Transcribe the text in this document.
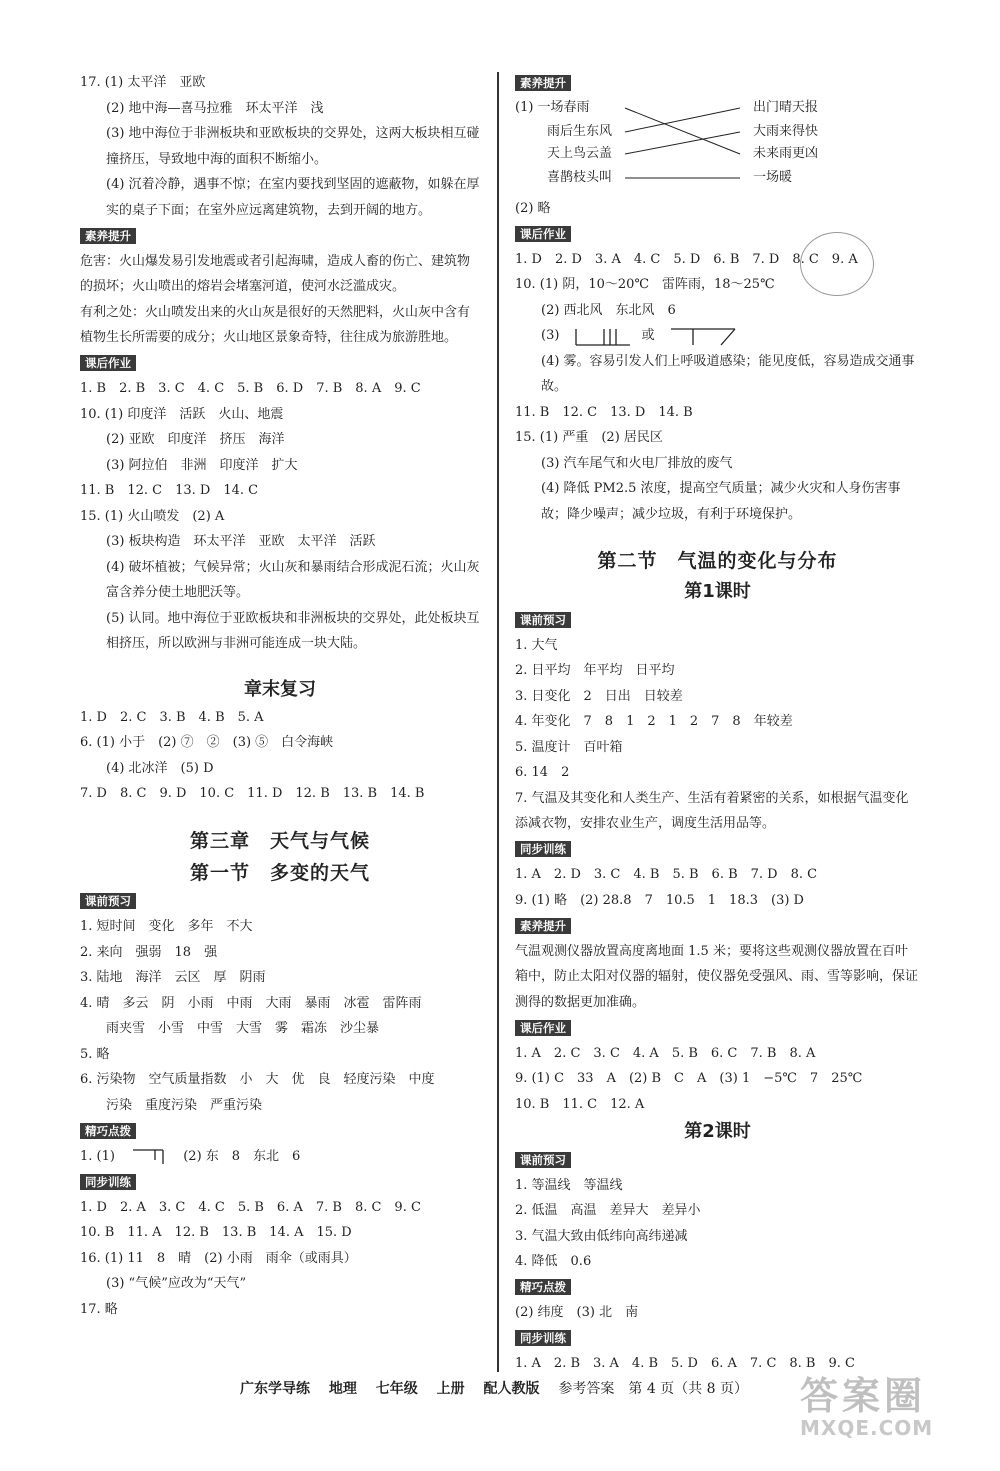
17. (1) 太平洋　亚欧
(2) 地中海—喜马拉雅　环太平洋　浅
(3) 地中海位于非洲板块和亚欧板块的交界处，这两大板块相互碰撞挤压，导致地中海的面积不断缩小。
(4) 沉着冷静，遇事不惊；在室内要找到坚固的遮蔽物，如躲在厚实的桌子下面；在室外应远离建筑物，去到开阔的地方。
素养提升
危害：火山爆发易引发地震或者引起海啸，造成人畜的伤亡、建筑物的损坏；火山喷出的熔岩会堵塞河道，使河水泛滥成灾。
有利之处：火山喷发出来的火山灰是很好的天然肥料，火山灰中含有植物生长所需要的成分；火山地区景象奇特，往往成为旅游胜地。
课后作业
1. B　2. B　3. C　4. C　5. B　6. D　7. B　8. A　9. C
10. (1) 印度洋　活跃　火山、地震
(2) 亚欧　印度洋　挤压　海洋
(3) 阿拉伯　非洲　印度洋　扩大
11. B　12. C　13. D　14. C
15. (1) 火山喷发　(2) A
(3) 板块构造　环太平洋　亚欧　太平洋　活跃
(4) 破坏植被；气候异常；火山灰和暴雨结合形成泥石流；火山灰富含养分使土地肥沃等。
(5) 认同。地中海位于亚欧板块和非洲板块的交界处，此处板块互相挤压，所以欧洲与非洲可能连成一块大陆。
章末复习
1. D　2. C　3. B　4. B　5. A
6. (1) 小于　(2) ⑦　②　(3) ⑤　白令海峡
(4) 北冰洋　(5) D
7. D　8. C　9. D　10. C　11. D　12. B　13. B　14. B
第三章　天气与气候
第一节　多变的天气
课前预习
1. 短时间　变化　多年　不大
2. 来向　强弱　18　强
3. 陆地　海洋　云区　厚　阴雨
4. 晴　多云　阴　小雨　中雨　大雨　暴雨　冰雹　雷阵雨
雨夹雪　小雪　中雪　大雪　雾　霜冻　沙尘暴
5. 略
6. 污染物　空气质量指数　小　大　优　良　轻度污染　中度
污染　重度污染　严重污染
精巧点拨
1. (1)	(2) 东　8　东北　6
同步训练
1. D　2. A　3. C　4. C　5. B　6. A　7. B　8. C　9. C
10. B　11. A　12. B　13. B　14. A　15. D
16. (1) 11　8　晴　(2) 小雨　雨伞（或雨具）
(3) “气候”应改为“天气”
17. 略
素养提升
(1) 一场春雨
雨后生东风
天上鸟云盖
喜鹊枝头叫
出门晴天报
大雨来得快
未来雨更凶
一场暖
(2) 略
课后作业
1. D　2. D　3. A　4. C　5. D　6. B　7. D　8. C　9. A
10. (1) 阴，10～20℃　雷阵雨，18～25℃
(2) 西北风　东北风　6
(3)	或
(4) 雾。容易引发人们上呼吸道感染；能见度低，容易造成交通事故。
11. B　12. C　13. D　14. B
15. (1) 严重　(2) 居民区
(3) 汽车尾气和火电厂排放的废气
(4) 降低 PM2.5 浓度，提高空气质量；减少火灾和人身伤害事故；降少噪声；减少垃圾，有利于环境保护。
第二节　气温的变化与分布
第1课时
课前预习
1. 大气
2. 日平均　年平均　日平均
3. 日变化　2　日出　日较差
4. 年变化　7　8　1　2　1　2　7　8　年较差
5. 温度计　百叶箱
6. 14　2
7. 气温及其变化和人类生产、生活有着紧密的关系，如根据气温变化添减衣物，安排农业生产，调度生活用品等。
同步训练
1. A　2. D　3. C　4. B　5. B　6. B　7. D　8. C
9. (1) 略　(2) 28.8　7　10.5　1　18.3　(3) D
素养提升
气温观测仪器放置高度离地面 1.5 米；要将这些观测仪器放置在百叶箱中，防止太阳对仪器的辐射，使仪器免受强风、雨、雪等影响，保证测得的数据更加准确。
课后作业
1. A　2. C　3. C　4. A　5. B　6. C　7. B　8. A
9. (1) C　33　A　(2) B　C　A　(3) 1　−5℃　7　25℃
10. B　11. C　12. A
第2课时
课前预习
1. 等温线　等温线
2. 低温　高温　差异大　差异小
3. 气温大致由低纬向高纬递减
4. 降低　0.6
精巧点拨
(2) 纬度　(3) 北　南
同步训练
1. A　2. B　3. A　4. B　5. D　6. A　7. C　8. B　9. C
广东学导练 地理 七年级 上册 配人教版 参考答案　第 4 页（共 8 页）	答案圈
MXQE.COM
